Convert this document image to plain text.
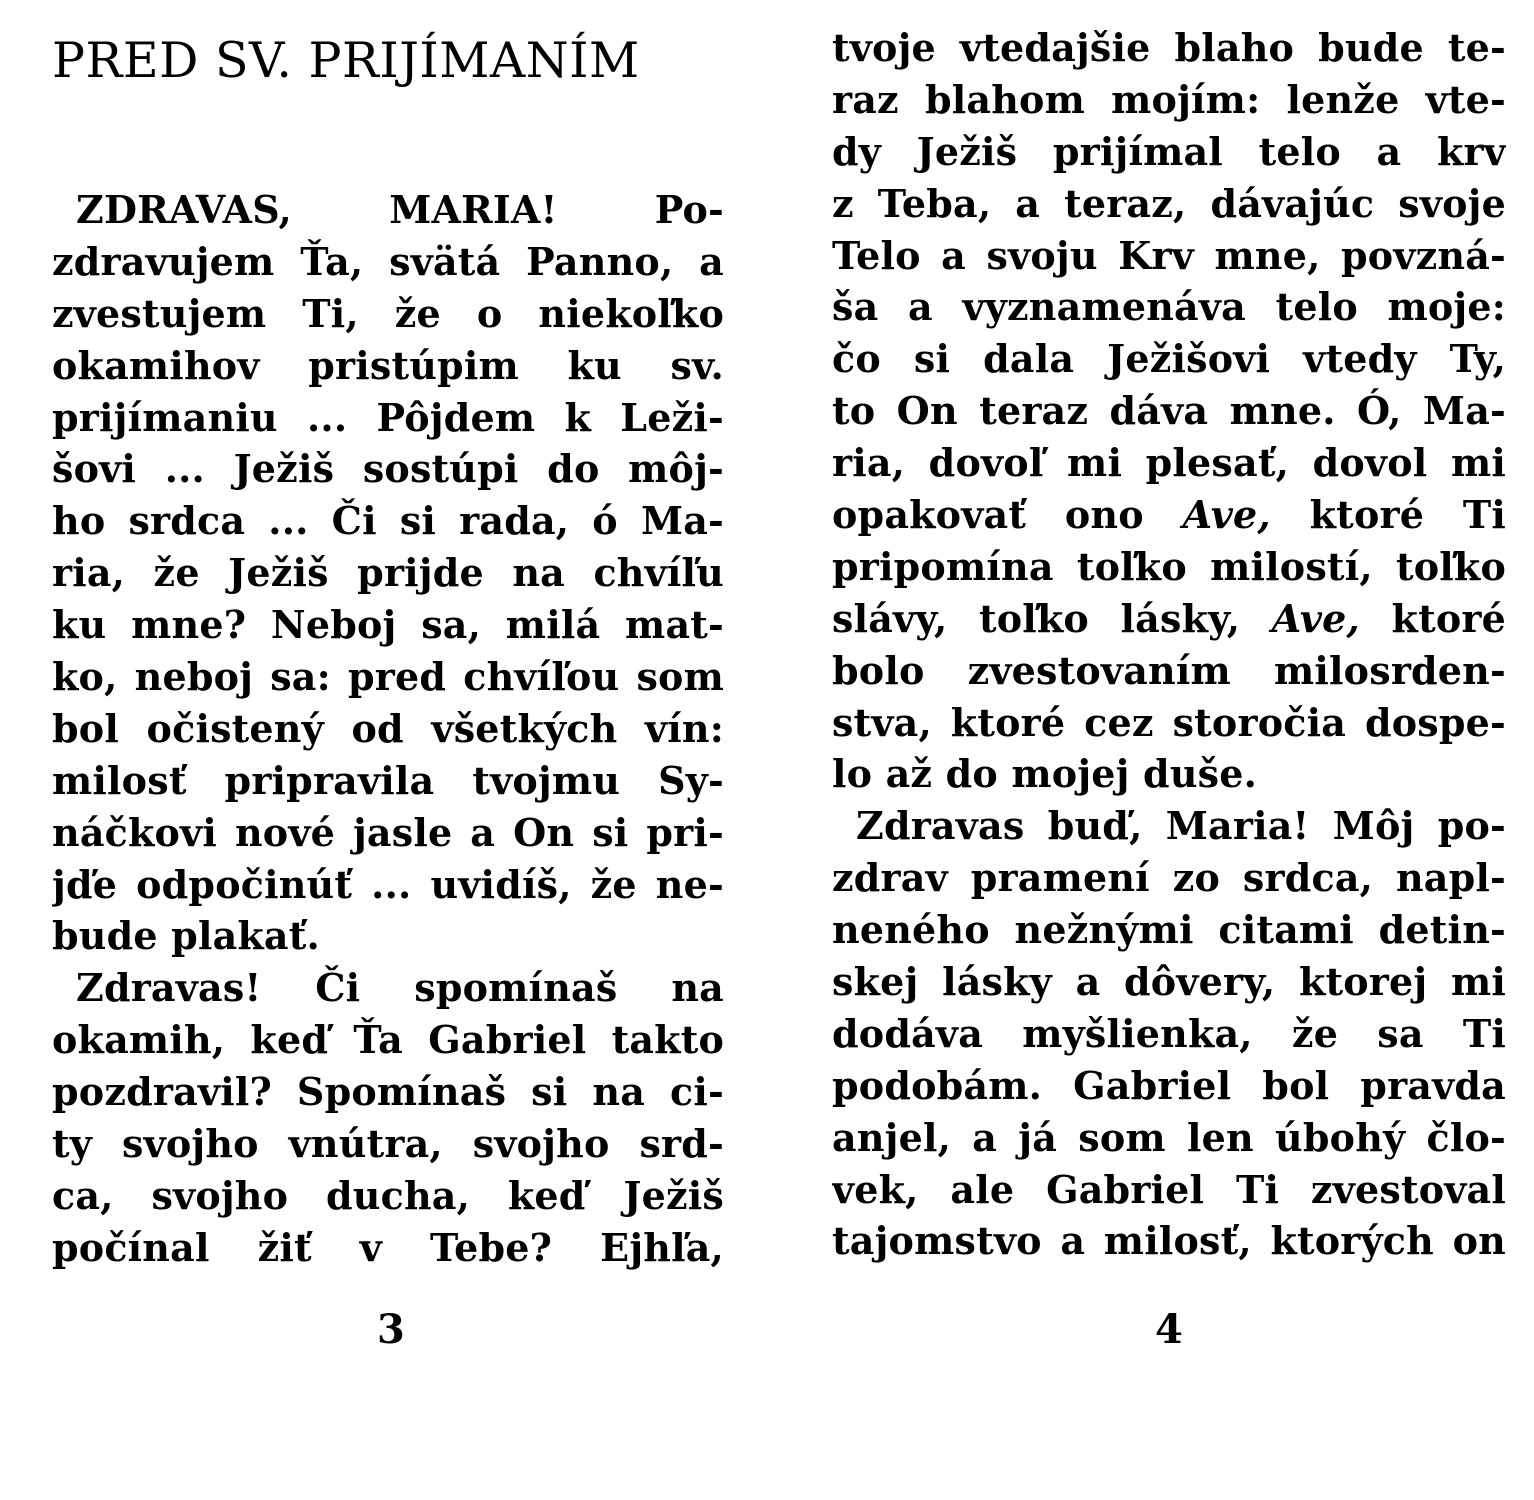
PRED SV. PRIJÍMANÍM
ZDRAVAS, MARIA! Po-
zdravujem Ťa, svätá Panno, a
zvestujem Ti, že o niekoľko
okamihov pristúpim ku sv.
prijímaniu ... Pôjdem k Leži-
šovi ... Ježiš sostúpi do môj-
ho srdca ... Či si rada, ó Ma-
ria, že Ježiš prijde na chvíľu
ku mne? Neboj sa, milá mat-
ko, neboj sa: pred chvíľou som
bol očistený od všetkých vín:
milosť pripravila tvojmu Sy-
náčkovi nové jasle a On si pri-
jďe odpočinúť ... uvidíš, že ne-
bude plakať.
Zdravas! Či spomínaš na
okamih, keď Ťa Gabriel takto
pozdravil? Spomínaš si na ci-
ty svojho vnútra, svojho srd-
ca, svojho ducha, keď Ježiš
počínal žiť v Tebe? Ejhľa,

3

tvoje vtedajšie blaho bude te-
raz blahom mojím: lenže vte-
dy Ježiš prijímal telo a krv
z Teba, a teraz, dávajúc svoje
Telo a svoju Krv mne, povzná-
ša a vyznamenáva telo moje:
čo si dala Ježišovi vtedy Ty,
to On teraz dáva mne. Ó, Ma-
ria, dovoľ mi plesať, dovol mi
opakovať ono Ave, ktoré Ti
pripomína toľko milostí, toľko
slávy, toľko lásky, Ave, ktoré
bolo zvestovaním milosrden-
stva, ktoré cez storočia dospe-
lo až do mojej duše.
Zdravas buď, Maria! Môj po-
zdrav pramení zo srdca, napl-
neného nežnými citami detin-
skej lásky a dôvery, ktorej mi
dodáva myšlienka, že sa Ti
podobám. Gabriel bol pravda
anjel, a já som len úbohý člo-
vek, ale Gabriel Ti zvestoval
tajomstvo a milosť, ktorých on

4
